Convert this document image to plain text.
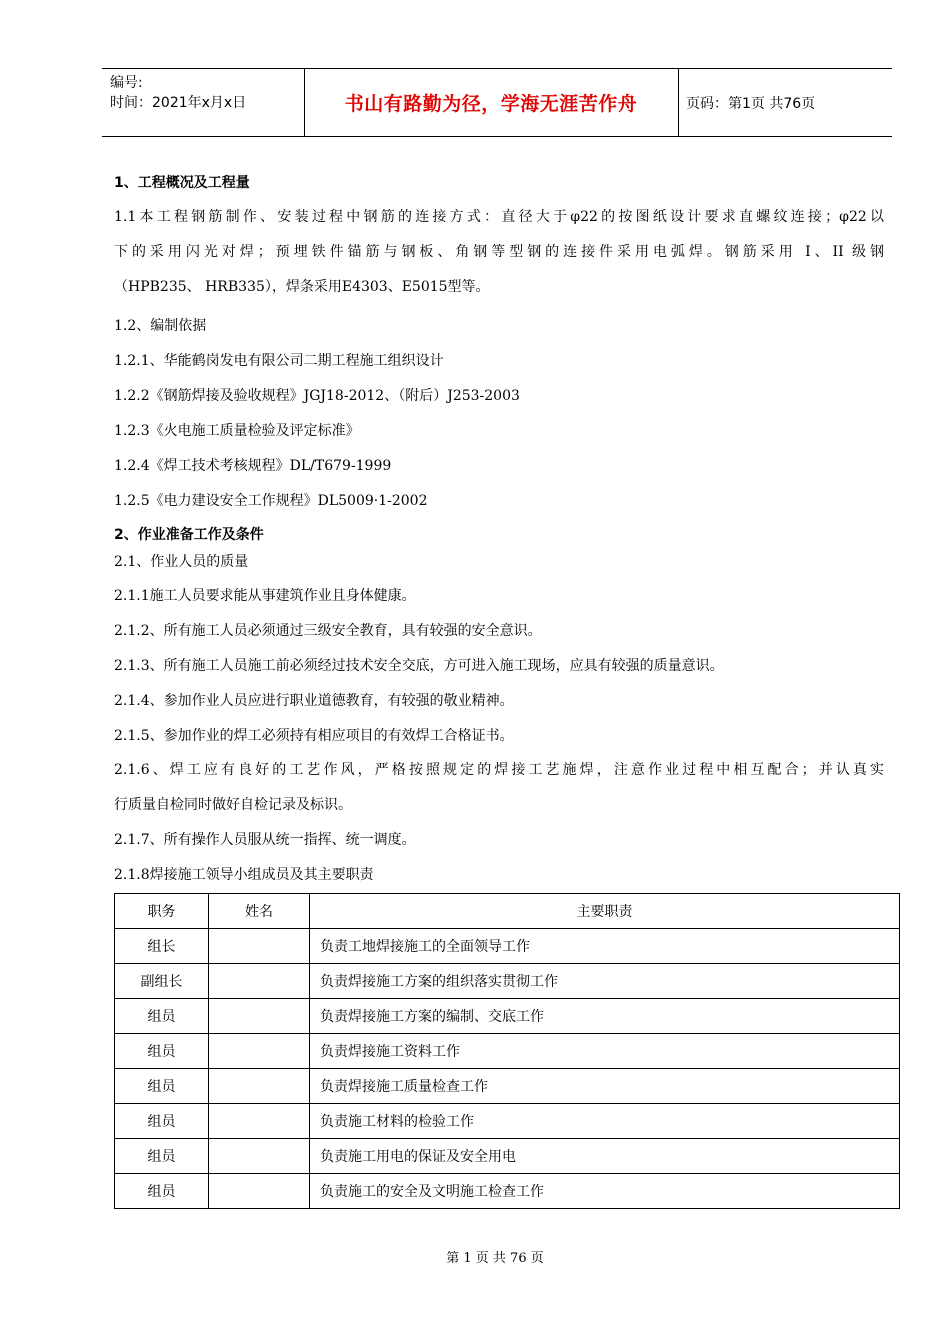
编号:
时间：2021年x月x日	书山有路勤为径，学海无涯苦作舟	页码：第1页 共76页
1、工程概况及工程量
1.1本工程钢筋制作、安装过程中钢筋的连接方式：直径大于φ22的按图纸设计要求直螺纹连接；φ22以
下的采用闪光对焊；预埋铁件锚筋与钢板、角钢等型钢的连接件采用电弧焊。钢筋采用 I、II 级钢
（HPB235、 HRB335），焊条采用E4303、E5015型等。
1.2、编制依据
1.2.1、华能鹤岗发电有限公司二期工程施工组织设计
1.2.2《钢筋焊接及验收规程》JGJ18-2012、（附后）J253-2003
1.2.3《火电施工质量检验及评定标准》
1.2.4《焊工技术考核规程》DL/T679-1999
1.2.5《电力建设安全工作规程》DL5009·1-2002
2、作业准备工作及条件
2.1、作业人员的质量
2.1.1施工人员要求能从事建筑作业且身体健康。
2.1.2、所有施工人员必须通过三级安全教育，具有较强的安全意识。
2.1.3、所有施工人员施工前必须经过技术安全交底，方可进入施工现场，应具有较强的质量意识。
2.1.4、参加作业人员应进行职业道德教育，有较强的敬业精神。
2.1.5、参加作业的焊工必须持有相应项目的有效焊工合格证书。
2.1.6、焊工应有良好的工艺作风，严格按照规定的焊接工艺施焊，注意作业过程中相互配合；并认真实
行质量自检同时做好自检记录及标识。
2.1.7、所有操作人员服从统一指挥、统一调度。
2.1.8焊接施工领导小组成员及其主要职责
职务	姓名	主要职责
组长		负责工地焊接施工的全面领导工作
副组长		负责焊接施工方案的组织落实贯彻工作
组员		负责焊接施工方案的编制、交底工作
组员		负责焊接施工资料工作
组员		负责焊接施工质量检查工作
组员		负责施工材料的检验工作
组员		负责施工用电的保证及安全用电
组员		负责施工的安全及文明施工检查工作
第 1 页 共 76 页
